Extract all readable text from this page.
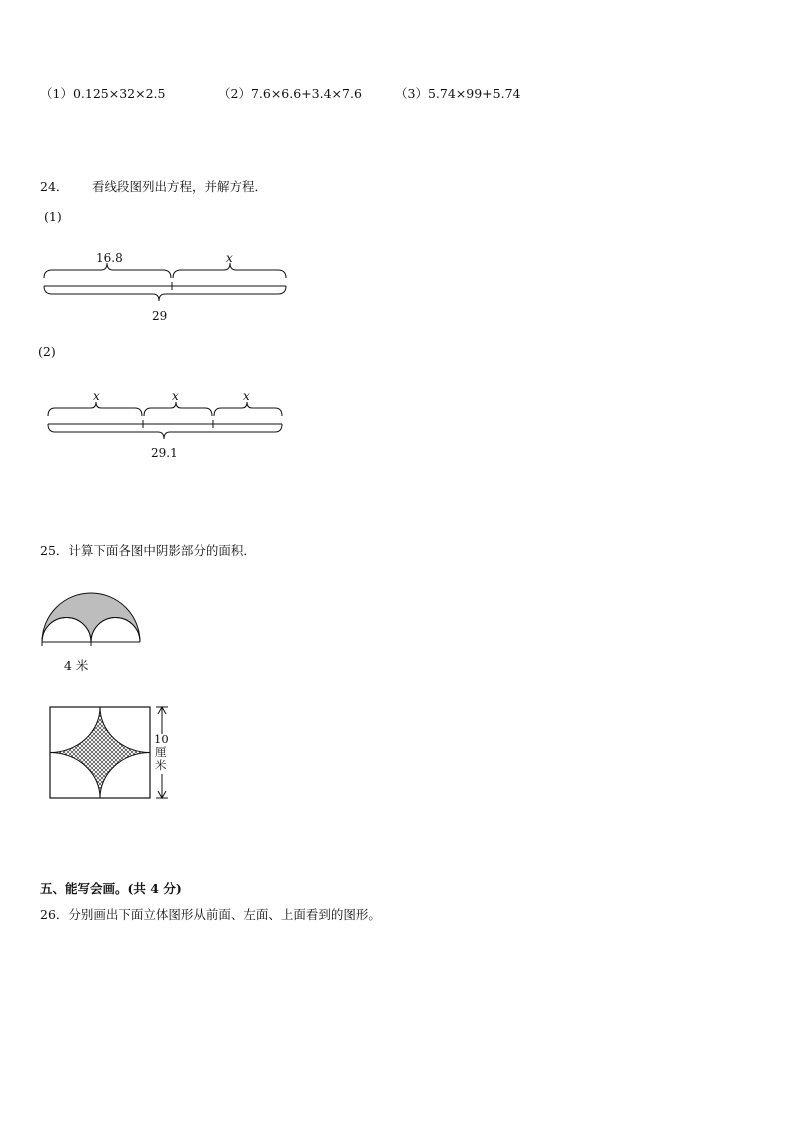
（1）0.125×32×2.5	（2）7.6×6.6+3.4×7.6	（3）5.74×99+5.74
24． 看线段图列出方程，并解方程．
(1)
16.8	x
29
(2)
x	x	x
29.1
25．计算下面各图中阴影部分的面积．
4 米
10
厘
米
五、能写会画。(共 4 分)
26．分别画出下面立体图形从前面、左面、上面看到的图形。
